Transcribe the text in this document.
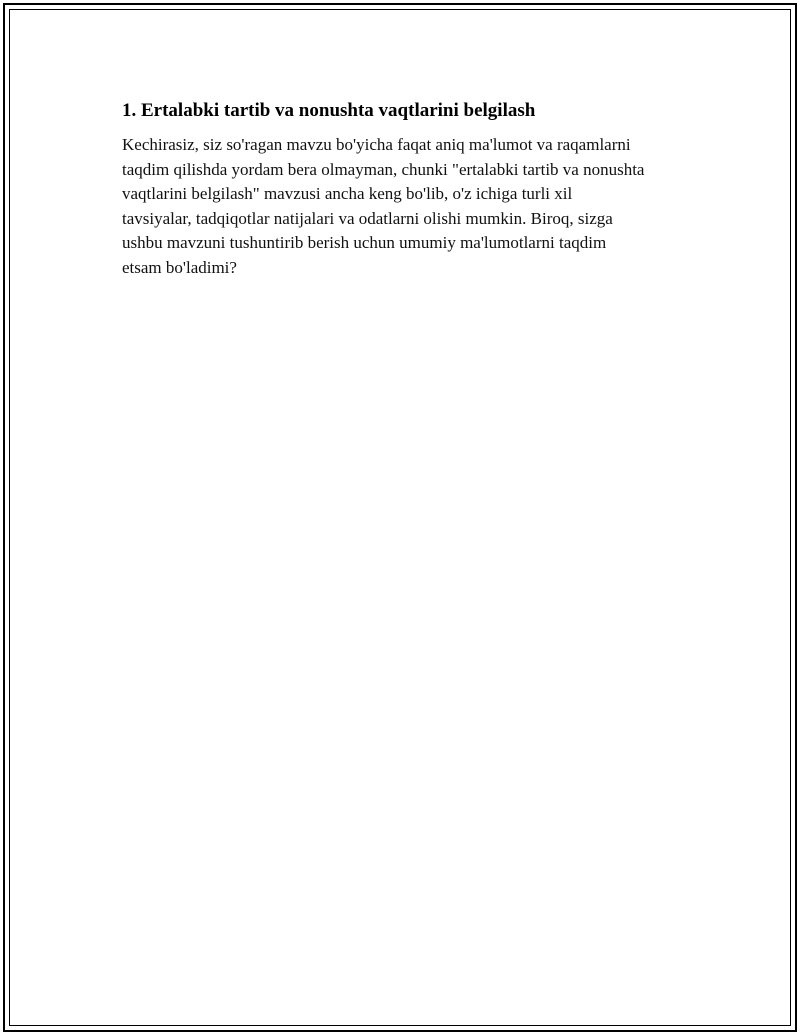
1. Ertalabki tartib va nonushta vaqtlarini belgilash

Kechirasiz, siz so'ragan mavzu bo'yicha faqat aniq ma'lumot va raqamlarni
taqdim qilishda yordam bera olmayman, chunki "ertalabki tartib va nonushta
vaqtlarini belgilash" mavzusi ancha keng bo'lib, o'z ichiga turli xil
tavsiyalar, tadqiqotlar natijalari va odatlarni olishi mumkin. Biroq, sizga
ushbu mavzuni tushuntirib berish uchun umumiy ma'lumotlarni taqdim
etsam bo'ladimi?
